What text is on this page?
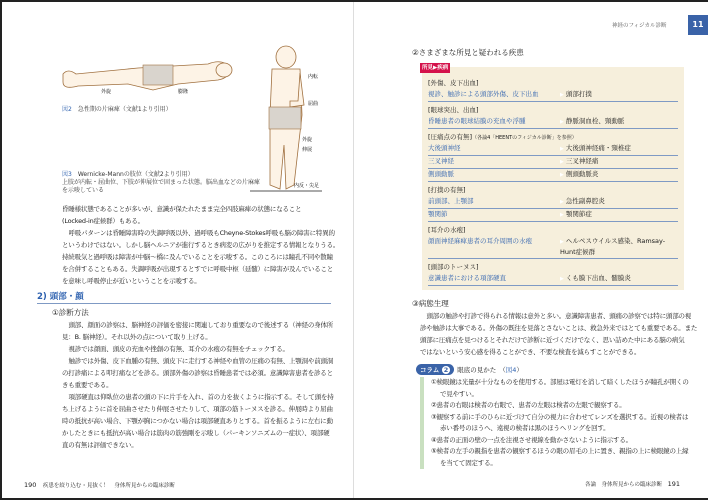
外旋	膨隆
図2　 急性期の片麻痺（文献1より引用）
内転
屈曲
外旋
伸展
内反・尖足
図3　 Wernicke-Mannの肢位（文献2より引用）
上肢が内転・屈曲位、下肢が伸展位で固まった状態。脳出血などの片麻痺
を示唆している
昏睡様状態であることが多いが、意識が保たれたまま完全四肢麻痺の状態になること
(Locked-in症候群）もある。
呼吸パターンは昏睡障害時の失調呼吸以外、過呼吸もCheyne-Stokes呼吸も脳の障害に特異的
というわけではない。しかし脳ヘルニアが進行するとき病変の広がりを推定する情報となりうる。
持続吸気と過呼吸は障害が中脳〜橋に及んでいることを示唆する。このころには瞳孔不同や散瞳
を合併することもある。失調呼吸が出現するとすでに呼吸中枢（延髄）に障害が及んでいること
を意味し呼吸停止が近いということを示唆する。
2) 頭部・顔
①診断方法
頭部、顔面の診察は、脳神経の評価を密接に関連しており重要なので後述する（神経の身体所
見：B. 脳神経）。それ以外の点について取り上げる。
視診では顔面、頭皮の充血や挫創の有無、耳介の水疱の有無をチェックする。
触診では外傷、皮下血腫の有無、頭皮下に走行する神経や血管の圧痛の有無、上顎洞や前頭洞
の打診痛による叩打痛などを診る。頭部外傷の診察は昏睡患者では必須。意識障害患者を診ると
きも重要である。
項部硬直は仰臥位の患者の頭の下に片手を入れ、首の力を抜くように指示する。そして頭を持
ち上げるように首を屈曲させたり伸展させたりして、項部の筋トーヌスを診る。伸展時より屈曲
時の抵抗が高い場合、下顎が胸につかない場合は項部硬直ありとする。首を振るように左右に動
かしたときにも抵抗が高い場合は筋肉の筋強剛を示唆し（パーキンソニズムの一症状）、項部硬
直の有無は評価できない。
190　 疾患を絞り込む・見抜く！　身体所見からの臨床診断
神経のフィジカル診断	11
②さまざまな所見と疑われる疾患
[外傷、皮下出血]
視診、触診による頭部外傷、皮下出血	▶ 頭部打撲
[眼球突出、出血]
昏睡患者の眼球結膜の充血や浮腫	▶ 静脈洞血栓、頸動脈
[圧痛点の有無]（各論4「HEENTのフィジカル診断」を参照）
大後頭神経	▶ 大後頭神経痛・頸椎症
三叉神経	▶ 三叉神経痛
側頭動脈	▶ 側頭動脈炎
[打撲の有無]
前頭部、上顎部	▶ 急性副鼻腔炎
顎関節	▶ 顎関節症
[耳介の水疱]
顔面神経麻痺患者の耳介周囲の水疱	▶ ヘルペスウイルス感染、Ramsay-Hunt症候群
[頭部のトーヌス]
意識患者における項部硬直	▶ くも膜下出血、髄膜炎
所見▶疾病
③病態生理
頭部の触診や打診で得られる情報は意外と多い。意識障害患者、頭痛の診察では特に頭部の視
診や触診は大事である。外傷の既往を見落とさないことは、救急外来ではとても重要である。また
頭部に圧痛点を見つけるとそれだけで診断に近づくだけでなく、思い詰めた中にある脳の病気
ではないという安心感を得ることができ、不要な検査を減らすことができる。
コラム 2	眼底の見かた （図4）
①検眼鏡は光量が十分なものを使用する。部屋は電灯を消して暗くしたほうが瞳孔が開くので見やすい。
②患者の右眼は検者の右眼で、患者の左眼は検者の左眼で観察する。
③観察する前に手のひらに近づけて自分の視力に合わせてレンズを選択する。近視の検者は赤い番号のほうへ、遠視の検者は黒のほうへリングを回す。
④患者の正面の壁の一点を注視させ視線を動かさないように指示する。
⑤検者の左手の親指を患者の観察するほうの眼の眉毛の上に置き、親指の上に検眼鏡の上縁を当てて固定する。
各論　 身体所見からの臨床診断　 191
